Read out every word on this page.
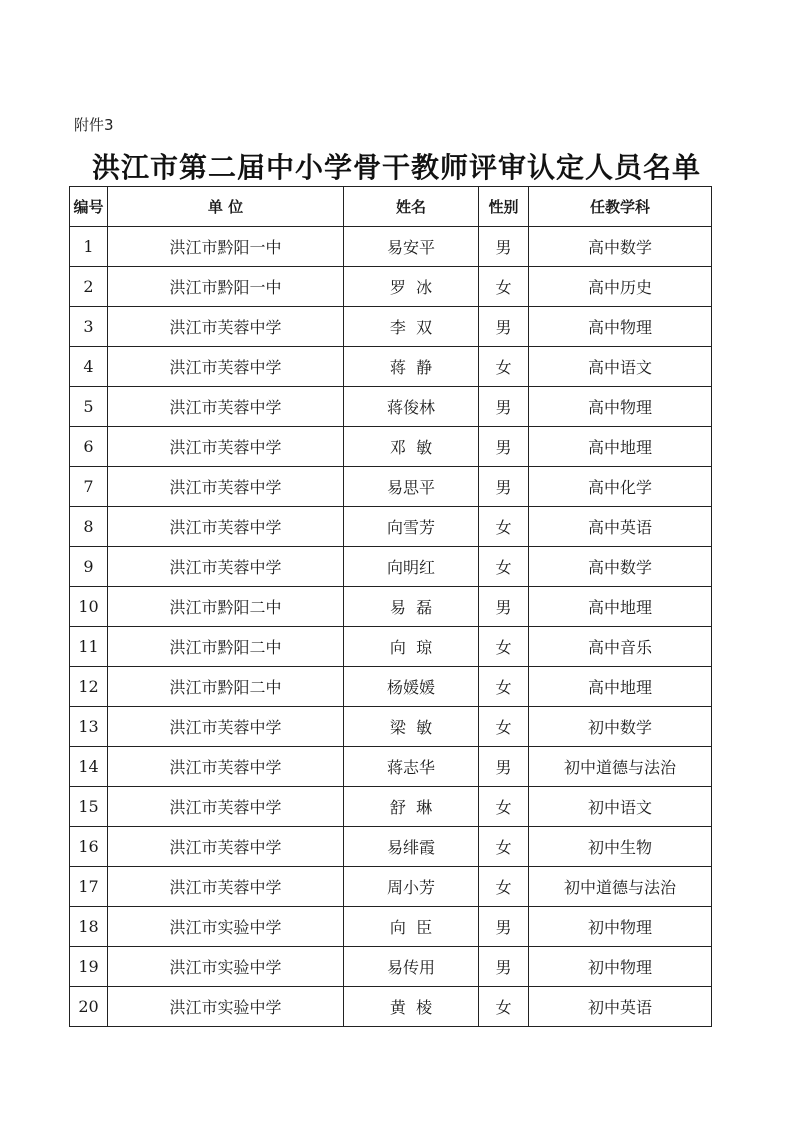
附件3
洪江市第二届中小学骨干教师评审认定人员名单
编号	单 位	姓名	性别	任教学科
1	洪江市黔阳一中	易安平	男	高中数学
2	洪江市黔阳一中	罗  冰	女	高中历史
3	洪江市芙蓉中学	李  双	男	高中物理
4	洪江市芙蓉中学	蒋  静	女	高中语文
5	洪江市芙蓉中学	蒋俊林	男	高中物理
6	洪江市芙蓉中学	邓  敏	男	高中地理
7	洪江市芙蓉中学	易思平	男	高中化学
8	洪江市芙蓉中学	向雪芳	女	高中英语
9	洪江市芙蓉中学	向明红	女	高中数学
10	洪江市黔阳二中	易  磊	男	高中地理
11	洪江市黔阳二中	向  琼	女	高中音乐
12	洪江市黔阳二中	杨媛媛	女	高中地理
13	洪江市芙蓉中学	梁  敏	女	初中数学
14	洪江市芙蓉中学	蒋志华	男	初中道德与法治
15	洪江市芙蓉中学	舒  琳	女	初中语文
16	洪江市芙蓉中学	易绯霞	女	初中生物
17	洪江市芙蓉中学	周小芳	女	初中道德与法治
18	洪江市实验中学	向  臣	男	初中物理
19	洪江市实验中学	易传用	男	初中物理
20	洪江市实验中学	黄  棱	女	初中英语
